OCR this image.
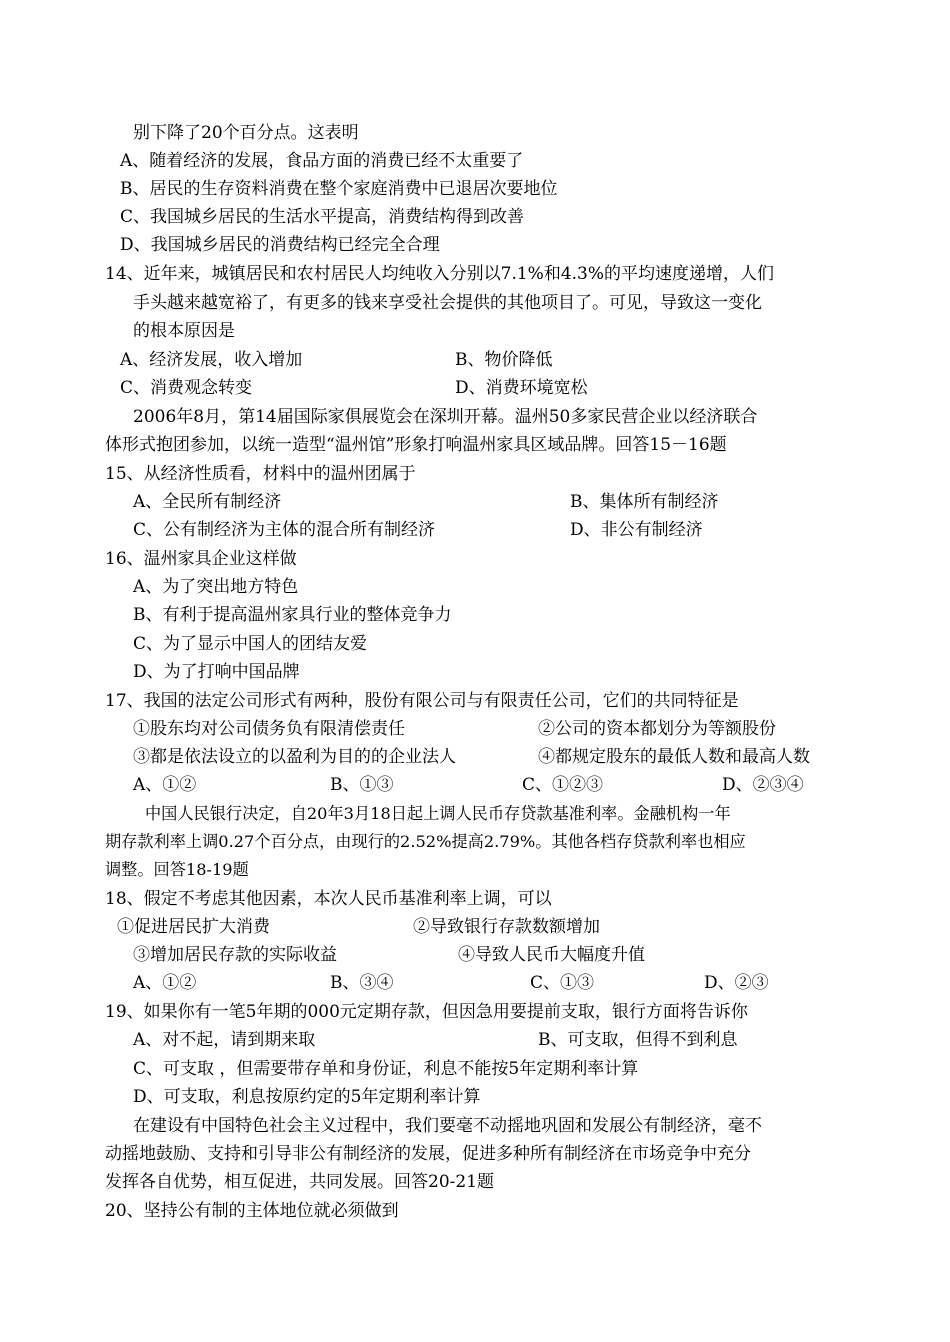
别下降了20个百分点。这表明
A、随着经济的发展，食品方面的消费已经不太重要了
B、居民的生存资料消费在整个家庭消费中已退居次要地位
C、我国城乡居民的生活水平提高，消费结构得到改善
D、我国城乡居民的消费结构已经完全合理
14、近年来，城镇居民和农村居民人均纯收入分别以7.1%和4.3%的平均速度递增，人们
手头越来越宽裕了，有更多的钱来享受社会提供的其他项目了。可见，导致这一变化
的根本原因是
A、经济发展，收入增加	B、物价降低
C、消费观念转变	D、消费环境宽松
2006年8月，第14届国际家俱展览会在深圳开幕。温州50多家民营企业以经济联合
体形式抱团参加，以统一造型“温州馆”形象打响温州家具区域品牌。回答15－16题
15、从经济性质看，材料中的温州团属于
A、全民所有制经济	B、集体所有制经济
C、公有制经济为主体的混合所有制经济	D、非公有制经济
16、温州家具企业这样做
A、为了突出地方特色
B、有利于提高温州家具行业的整体竞争力
C、为了显示中国人的团结友爱
D、为了打响中国品牌
17、我国的法定公司形式有两种，股份有限公司与有限责任公司，它们的共同特征是
①股东均对公司债务负有限清偿责任	②公司的资本都划分为等额股份
③都是依法设立的以盈利为目的的企业法人	④都规定股东的最低人数和最高人数
A、①②	B、①③	C、①②③	D、②③④
中国人民银行决定，自20年3月18日起上调人民币存贷款基准利率。金融机构一年
期存款利率上调0.27个百分点，由现行的2.52%提高2.79%。其他各档存贷款利率也相应
调整。回答18-19题
18、假定不考虑其他因素，本次人民币基准利率上调，可以
①促进居民扩大消费	②导致银行存款数额增加
③增加居民存款的实际收益	④导致人民币大幅度升值
A、①②	B、③④	C、①③	D、②③
19、如果你有一笔5年期的000元定期存款，但因急用要提前支取，银行方面将告诉你
A、对不起，请到期来取	B、可支取，但得不到利息
C、可支取 ，但需要带存单和身份证，利息不能按5年定期利率计算
D、可支取，利息按原约定的5年定期利率计算
在建设有中国特色社会主义过程中，我们要毫不动摇地巩固和发展公有制经济，毫不
动摇地鼓励、支持和引导非公有制经济的发展，促进多种所有制经济在市场竞争中充分
发挥各自优势，相互促进，共同发展。回答20-21题
20、坚持公有制的主体地位就必须做到
